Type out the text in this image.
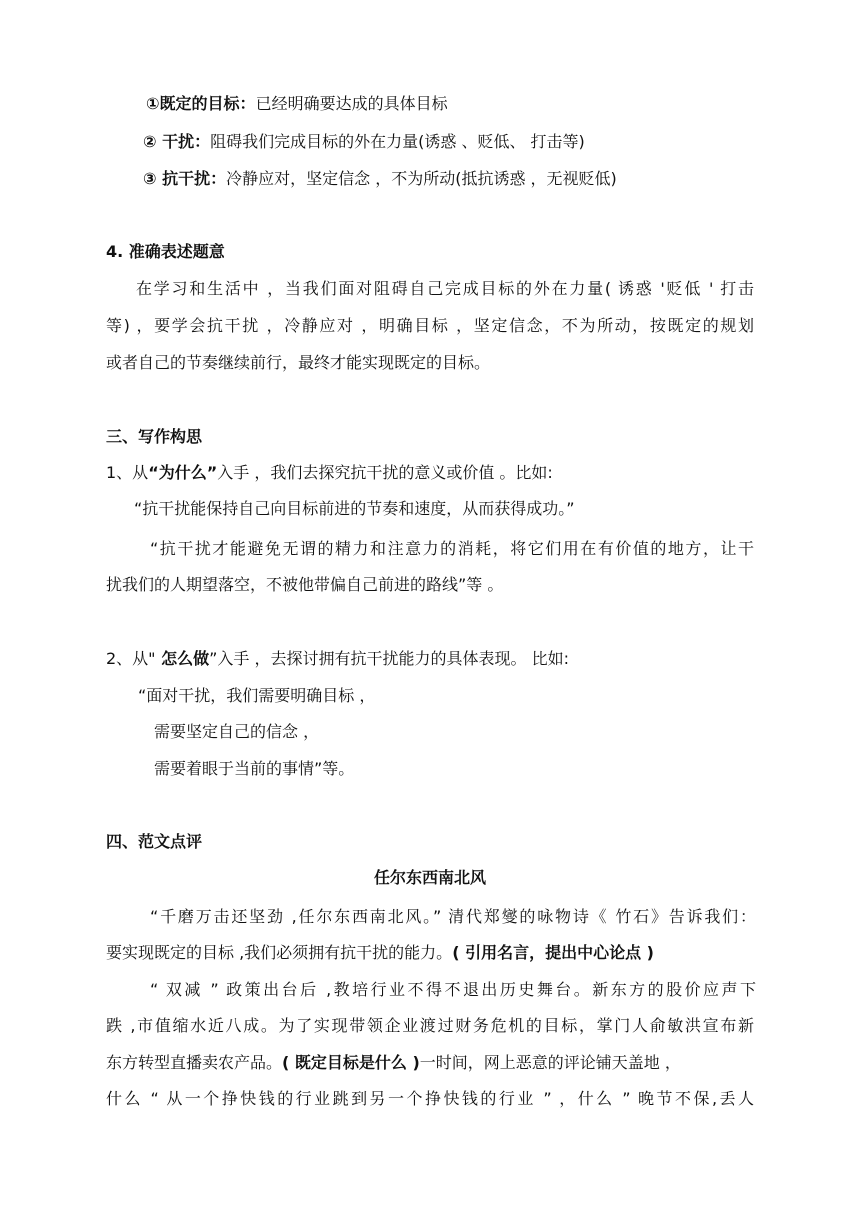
①既定的目标：已经明确要达成的具体目标
② 干扰：阻碍我们完成目标的外在力量(诱惑 、贬低、 打击等)
③ 抗干扰：冷静应对，坚定信念 ，不为所动(抵抗诱惑 ，无视贬低)
4. 准确表述题意
在学习和生活中 ，当我们面对阻碍自己完成目标的外在力量( 诱惑 '贬低 ' 打击
等) ，要学会抗干扰 ，冷静应对 ，明确目标 ，坚定信念，不为所动，按既定的规划
或者自己的节奏继续前行，最终才能实现既定的目标。
三、写作构思
1、从“为什么”入手 ，我们去探究抗干扰的意义或价值 。比如:
“抗干扰能保持自己向目标前进的节奏和速度，从而获得成功。”
“抗干扰才能避免无谓的精力和注意力的消耗，将它们用在有价值的地方，让干
扰我们的人期望落空，不被他带偏自己前进的路线”等 。
2、从" 怎么做”入手 ，去探讨拥有抗干扰能力的具体表现。 比如:
“面对干扰，我们需要明确目标 ，
需要坚定自己的信念 ，
需要着眼于当前的事情”等。
四、范文点评
任尔东西南北风
“千磨万击还坚劲 ,任尔东西南北风。” 清代郑燮的咏物诗《 竹石》告诉我们：
要实现既定的目标 ,我们必须拥有抗干扰的能力。( 引用名言，提出中心论点 )
“ 双减 ” 政策出台后 ,教培行业不得不退出历史舞台。新东方的股价应声下
跌 ,市值缩水近八成。为了实现带领企业渡过财务危机的目标，掌门人俞敏洪宣布新
东方转型直播卖农产品。( 既定目标是什么 )一时间，网上恶意的评论铺天盖地 ，
什么 “ 从一个挣快钱的行业跳到另一个挣快钱的行业 ” ，什么 ” 晚节不保,丢人
